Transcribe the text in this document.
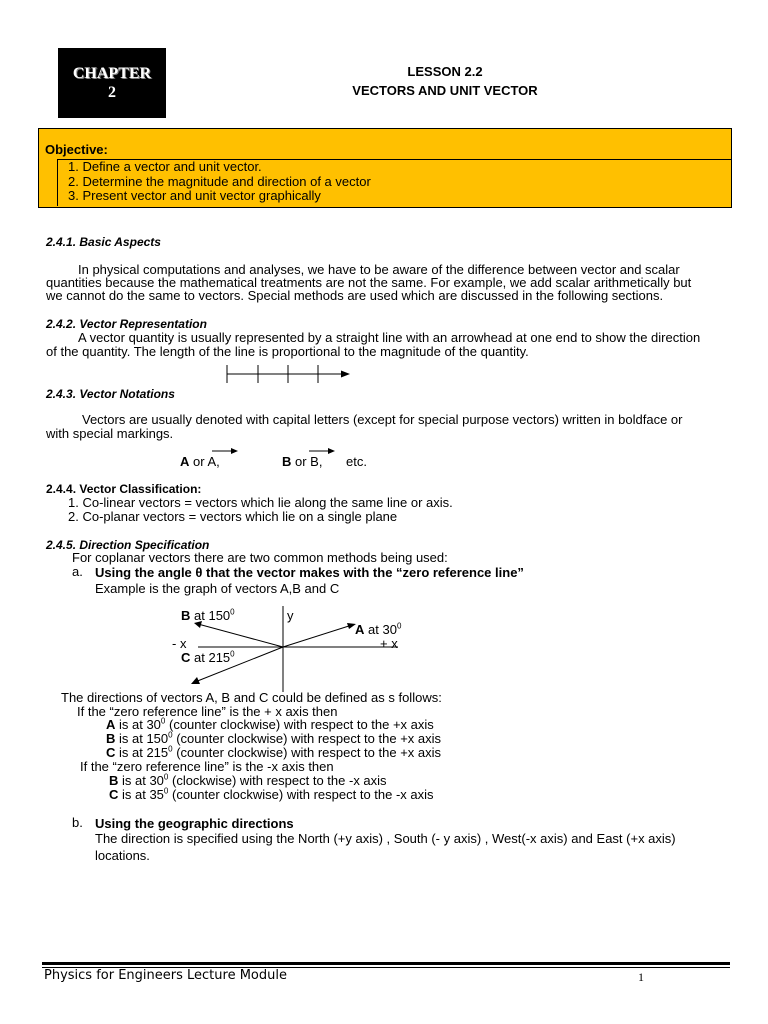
CHAPTER
2
LESSON 2.2
VECTORS AND UNIT VECTOR
Objective:
1. Define a vector and unit vector.
2. Determine the magnitude and direction of a vector
3. Present vector and unit vector graphically
2.4.1. Basic Aspects
In physical computations and analyses, we have to be aware of the difference between vector and scalar
quantities because the mathematical treatments are not the same. For example, we add scalar arithmetically but
we cannot do the same to vectors. Special methods are used which are discussed in the following sections.
2.4.2. Vector Representation
A vector quantity is usually represented by a straight line with an arrowhead at one end to show the direction
of the quantity. The length of the line is proportional to the magnitude of the quantity.
2.4.3. Vector Notations
Vectors are usually denoted with capital letters (except for special purpose vectors) written in boldface or
with special markings.
A or A,	B or B, etc.
2.4.4. Vector Classification:
1. Co-linear vectors = vectors which lie along the same line or axis.
2. Co-planar vectors = vectors which lie on a single plane
2.4.5. Direction Specification
For coplanar vectors there are two common methods being used:
a. Using the angle θ that the vector makes with the “zero reference line”
Example is the graph of vectors A,B and C
B at $150^0$	y
A at $30^0$
- x	+ x
C at $215^0$
The directions of vectors A, B and C could be defined as s follows:
If the “zero reference line” is the + x axis then
A is at $30^0$ (counter clockwise) with respect to the +x axis
B is at $150^0$ (counter clockwise) with respect to the +x axis
C is at $215^0$ (counter clockwise) with respect to the +x axis
If the “zero reference line” is the -x axis then
B is at $30^0$ (clockwise) with respect to the -x axis
C is at $35^0$ (counter clockwise) with respect to the -x axis
b. Using the geographic directions
The direction is specified using the North (+y axis) , South (- y axis) , West(-x axis) and East (+x axis)
locations.
Physics for Engineers Lecture Module	1
